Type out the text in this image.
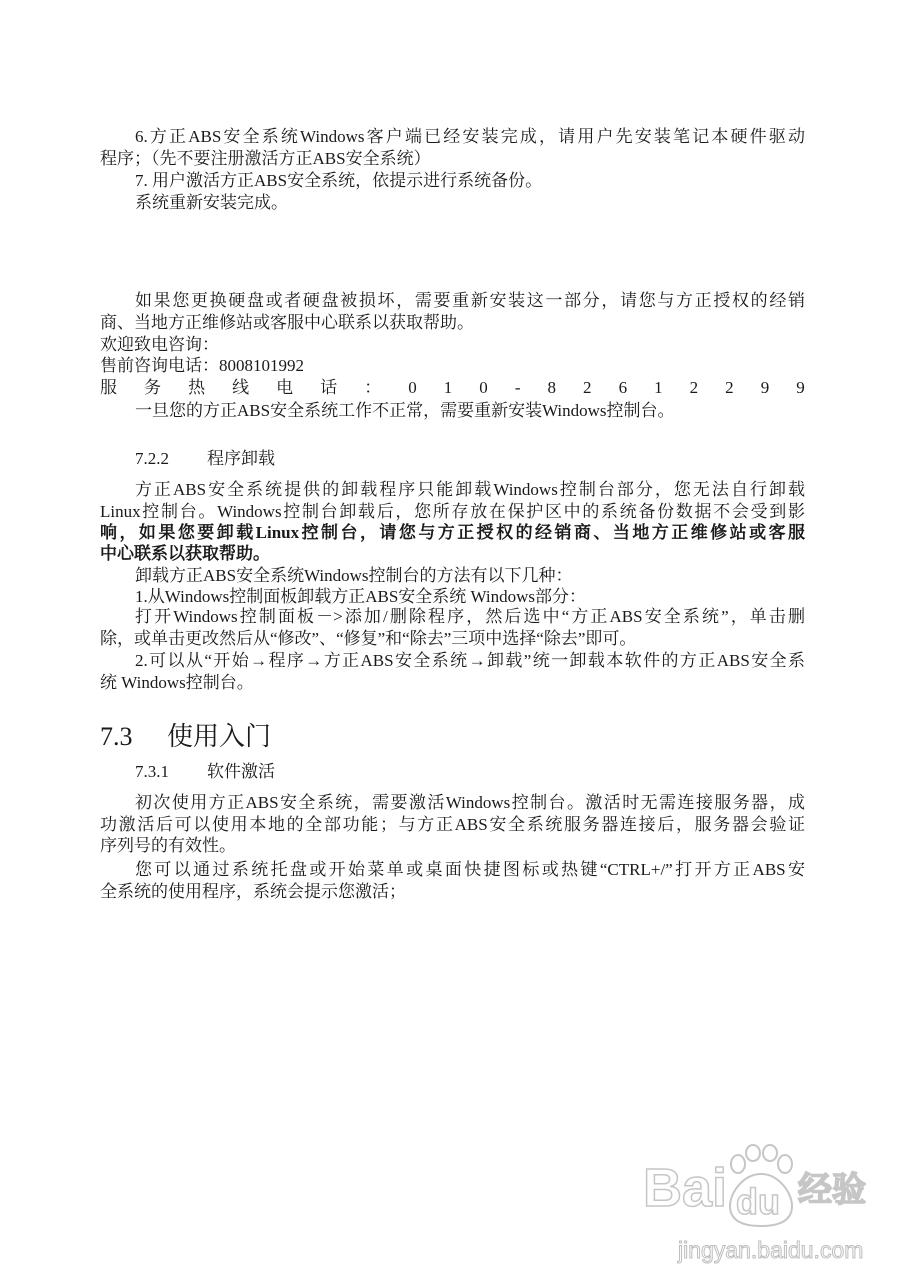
6.方正ABS安全系统Windows客户端已经安装完成，请用户先安装笔记本硬件驱动
程序；（先不要注册激活方正ABS安全系统）
7. 用户激活方正ABS安全系统，依提示进行系统备份。
系统重新安装完成。
如果您更换硬盘或者硬盘被损坏，需要重新安装这一部分，请您与方正授权的经销
商、当地方正维修站或客服中心联系以获取帮助。
欢迎致电咨询：
售前咨询电话：8008101992
服 务 热 线 电 话 ： 0 1 0 - 8 2 6 1 2 2 9 9
一旦您的方正ABS安全系统工作不正常，需要重新安装Windows控制台。
7.2.2 程序卸载
方正ABS安全系统提供的卸载程序只能卸载Windows控制台部分，您无法自行卸载
Linux控制台。Windows控制台卸载后，您所存放在保护区中的系统备份数据不会受到影
响，如果您要卸载Linux控制台，请您与方正授权的经销商、当地方正维修站或客服
中心联系以获取帮助。
卸载方正ABS安全系统Windows控制台的方法有以下几种：
1.从Windows控制面板卸载方正ABS安全系统 Windows部分：
打开Windows控制面板－>添加/删除程序，然后选中“方正ABS安全系统”，单击删
除，或单击更改然后从“修改”、“修复”和“除去”三项中选择“除去”即可。
2.可以从“开始→程序→方正ABS安全系统→卸载”统一卸载本软件的方正ABS安全系
统 Windows控制台。
7.3 使用入门
7.3.1 软件激活
初次使用方正ABS安全系统，需要激活Windows控制台。激活时无需连接服务器，成
功激活后可以使用本地的全部功能；与方正ABS安全系统服务器连接后，服务器会验证
序列号的有效性。
您可以通过系统托盘或开始菜单或桌面快捷图标或热键“CTRL+/”打开方正ABS安
全系统的使用程序，系统会提示您激活；
Bai du 经验
jingyan.baidu.com
